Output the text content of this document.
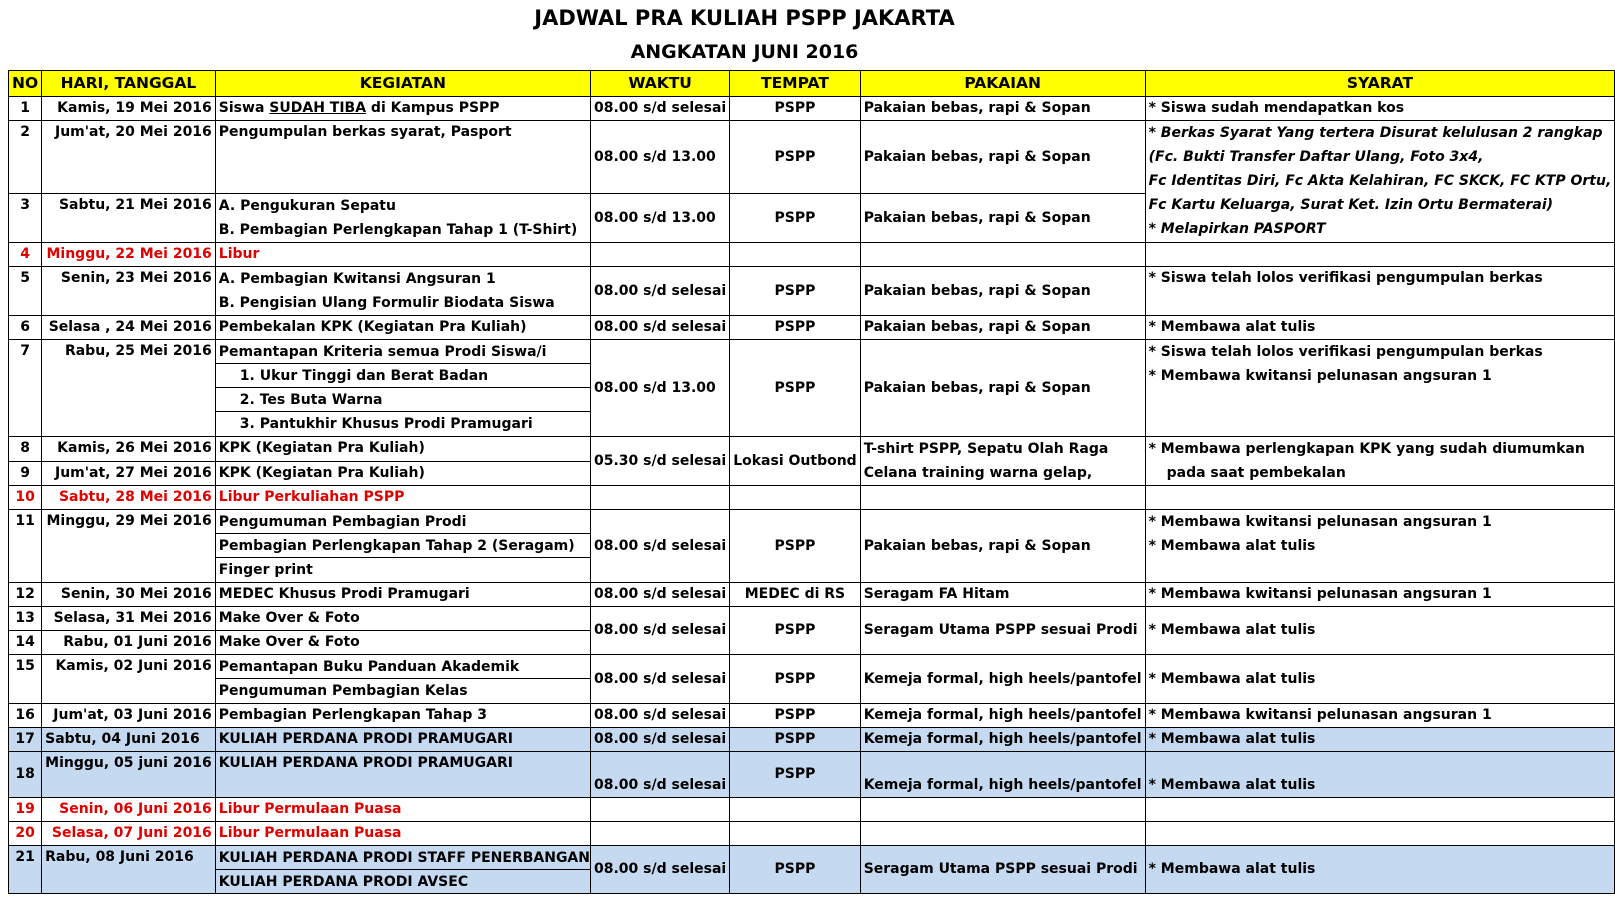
JADWAL PRA KULIAH PSPP JAKARTA
ANGKATAN JUNI 2016
NO	HARI, TANGGAL	KEGIATAN	WAKTU	TEMPAT	PAKAIAN	SYARAT
1	Kamis, 19 Mei 2016	Siswa SUDAH TIBA di Kampus PSPP	08.00 s/d selesai	PSPP	Pakaian bebas, rapi & Sopan	* Siswa sudah mendapatkan kos
2	Jum'at, 20 Mei 2016	Pengumpulan berkas syarat, Pasport	08.00 s/d 13.00	PSPP	Pakaian bebas, rapi & Sopan	* Berkas Syarat Yang tertera Disurat kelulusan 2 rangkap
(Fc. Bukti Transfer Daftar Ulang, Foto 3x4,
Fc Identitas Diri, Fc Akta Kelahiran, FC SKCK, FC KTP Ortu,
Fc Kartu Keluarga, Surat Ket. Izin Ortu Bermaterai)
* Melapirkan PASPORT

3	Sabtu, 21 Mei 2016	A. Pengukuran Sepatu
B. Pembagian Perlengkapan Tahap 1 (T-Shirt)	08.00 s/d 13.00	PSPP	Pakaian bebas, rapi & Sopan	
4	Minggu, 22 Mei 2016	Libur				
5	Senin, 23 Mei 2016	A. Pembagian Kwitansi Angsuran 1
B. Pengisian Ulang Formulir Biodata Siswa	08.00 s/d selesai	PSPP	Pakaian bebas, rapi & Sopan	* Siswa telah lolos verifikasi pengumpulan berkas
6	Selasa , 24 Mei 2016	Pembekalan KPK (Kegiatan Pra Kuliah)	08.00 s/d selesai	PSPP	Pakaian bebas, rapi & Sopan	* Membawa alat tulis
7	Rabu, 25 Mei 2016	Pemantapan Kriteria semua Prodi Siswa/i
1. Ukur Tinggi dan Berat Badan
2. Tes Buta Warna
3. Pantukhir Khusus Prodi Pramugari	08.00 s/d 13.00	PSPP	Pakaian bebas, rapi & Sopan	* Siswa telah lolos verifikasi pengumpulan berkas
* Membawa kwitansi pelunasan angsuran 1

8	Kamis, 26 Mei 2016	KPK (Kegiatan Pra Kuliah)	05.30 s/d selesai	Lokasi Outbond	T-shirt PSPP, Sepatu Olah Raga
Celana training warna gelap,	* Membawa perlengkapan KPK yang sudah diumumkan
pada saat pembekalan

9	Jum'at, 27 Mei 2016	KPK (Kegiatan Pra Kuliah)				
10	Sabtu, 28 Mei 2016	Libur Perkuliahan PSPP				
11	Minggu, 29 Mei 2016	Pengumuman Pembagian Prodi
Pembagian Perlengkapan Tahap 2 (Seragam)
Finger print	08.00 s/d selesai	PSPP	Pakaian bebas, rapi & Sopan	* Membawa kwitansi pelunasan angsuran 1
* Membawa alat tulis

12	Senin, 30 Mei 2016	MEDEC Khusus Prodi Pramugari	08.00 s/d selesai	MEDEC di RS	Seragam FA Hitam	* Membawa kwitansi pelunasan angsuran 1
13	Selasa, 31 Mei 2016	Make Over & Foto	08.00 s/d selesai	PSPP	Seragam Utama PSPP sesuai Prodi	* Membawa alat tulis
14	Rabu, 01 Juni 2016	Make Over & Foto				
15	Kamis, 02 Juni 2016	Pemantapan Buku Panduan Akademik
Pengumuman Pembagian Kelas	08.00 s/d selesai	PSPP	Kemeja formal, high heels/pantofel	* Membawa alat tulis
16	Jum'at, 03 Juni 2016	Pembagian Perlengkapan Tahap 3	08.00 s/d selesai	PSPP	Kemeja formal, high heels/pantofel	* Membawa kwitansi pelunasan angsuran 1
17	Sabtu, 04 Juni 2016	KULIAH PERDANA PRODI PRAMUGARI	08.00 s/d selesai	PSPP	Kemeja formal, high heels/pantofel	* Membawa alat tulis
18	Minggu, 05 juni 2016	KULIAH PERDANA PRODI PRAMUGARI	08.00 s/d selesai	PSPP	Kemeja formal, high heels/pantofel	* Membawa alat tulis
19	Senin, 06 Juni 2016	Libur Permulaan Puasa				
20	Selasa, 07 Juni 2016	Libur Permulaan Puasa				
21	Rabu, 08 Juni 2016	KULIAH PERDANA PRODI STAFF PENERBANGAN
KULIAH PERDANA PRODI AVSEC	08.00 s/d selesai	PSPP	Seragam Utama PSPP sesuai Prodi	* Membawa alat tulis
